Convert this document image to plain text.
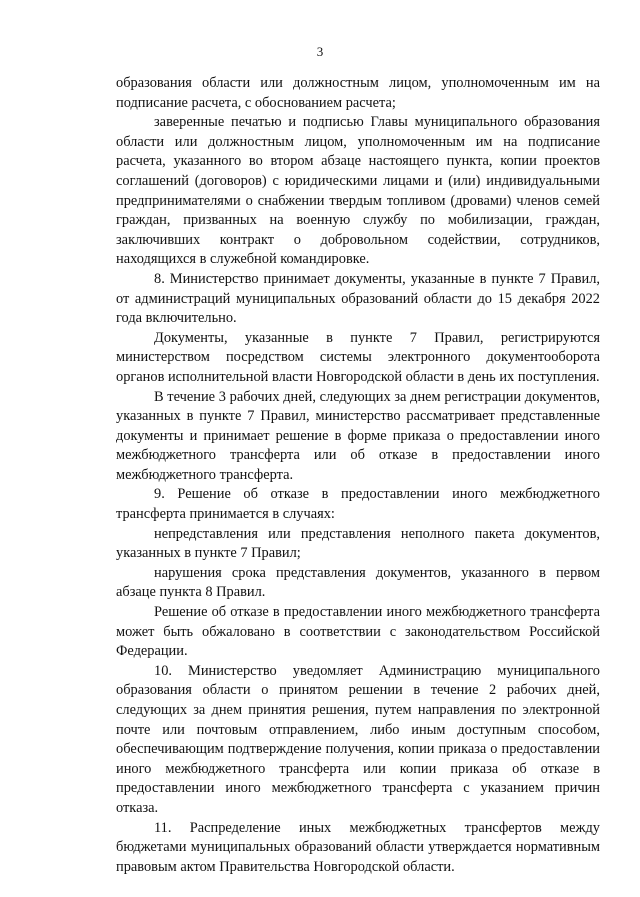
3

образования области или должностным лицом, уполномоченным им на подписание расчета, с обоснованием расчета;

заверенные печатью и подписью Главы муниципального образования области или должностным лицом, уполномоченным им на подписание расчета, указанного во втором абзаце настоящего пункта, копии проектов соглашений (договоров) с юридическими лицами и (или) индивидуальными предпринимателями о снабжении твердым топливом (дровами) членов семей граждан, призванных на военную службу по мобилизации, граждан, заключивших контракт о добровольном содействии, сотрудников, находящихся в служебной командировке.

8. Министерство принимает документы, указанные в пункте 7 Правил, от администраций муниципальных образований области до 15 декабря 2022 года включительно.

Документы, указанные в пункте 7 Правил, регистрируются министерством посредством системы электронного документооборота органов исполнительной власти Новгородской области в день их поступления.

В течение 3 рабочих дней, следующих за днем регистрации документов, указанных в пункте 7 Правил, министерство рассматривает представленные документы и принимает решение в форме приказа о предоставлении иного межбюджетного трансферта или об отказе в предоставлении иного межбюджетного трансферта.

9. Решение об отказе в предоставлении иного межбюджетного трансферта принимается в случаях:

непредставления или представления неполного пакета документов, указанных в пункте 7 Правил;

нарушения срока представления документов, указанного в первом абзаце пункта 8 Правил.

Решение об отказе в предоставлении иного межбюджетного трансферта может быть обжаловано в соответствии с законодательством Российской Федерации.

10. Министерство уведомляет Администрацию муниципального образования области о принятом решении в течение 2 рабочих дней, следующих за днем принятия решения, путем направления по электронной почте или почтовым отправлением, либо иным доступным способом, обеспечивающим подтверждение получения, копии приказа о предоставлении иного межбюджетного трансферта или копии приказа об отказе в предоставлении иного межбюджетного трансферта с указанием причин отказа.

11. Распределение иных межбюджетных трансфертов между бюджетами муниципальных образований области утверждается нормативным правовым актом Правительства Новгородской области.
